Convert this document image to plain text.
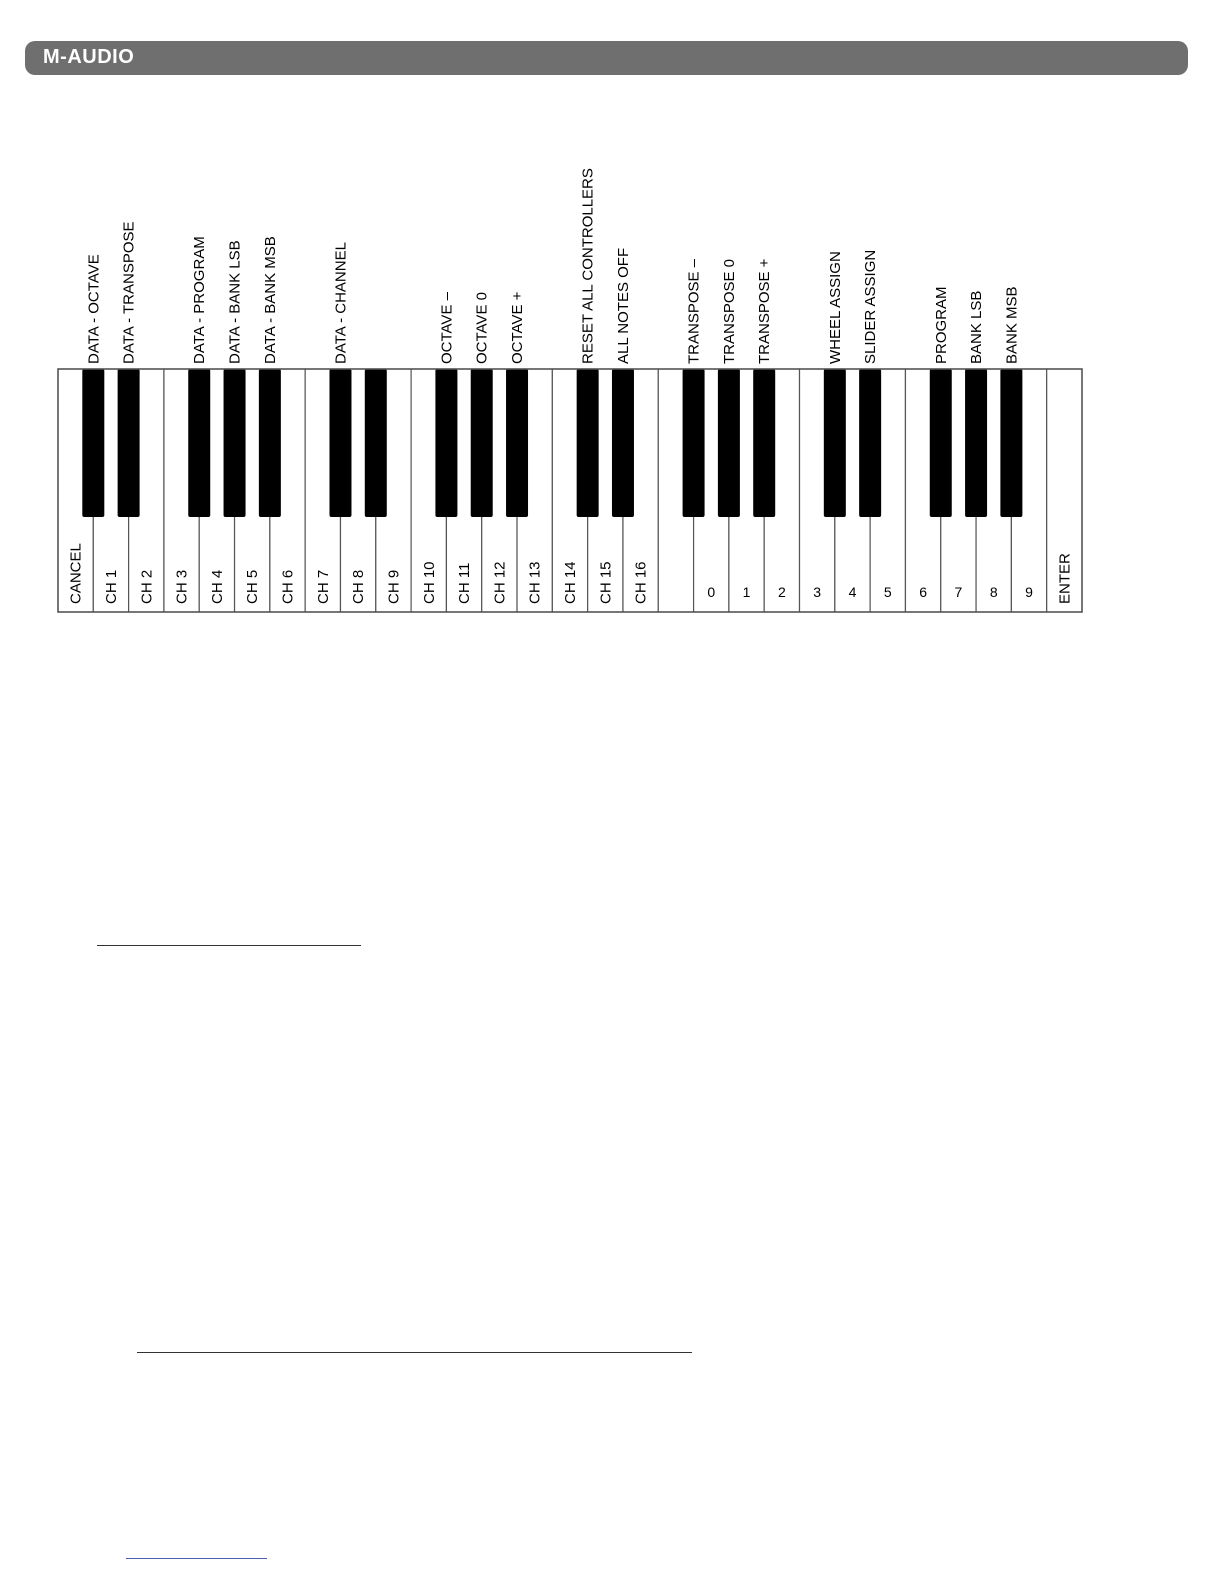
M-AUDIO
CANCEL CH 1 CH 2 CH 3 CH 4 CH 5 CH 6 CH 7 CH 8 CH 9 CH 10 CH 11 CH 12 CH 13 CH 14 CH 15 CH 16	0 1 2 3 4 5 6 7 8 9 ENTER
DATA - OCTAVE DATA - TRANSPOSE	DATA - PROGRAM DATA - BANK LSB DATA - BANK MSB	DATA - CHANNEL	OCTAVE – OCTAVE 0 OCTAVE +	RESET ALL CONTROLLERS ALL NOTES OFF	TRANSPOSE – TRANSPOSE 0 TRANSPOSE +	WHEEL ASSIGN SLIDER ASSIGN	PROGRAM BANK LSB BANK MSB
